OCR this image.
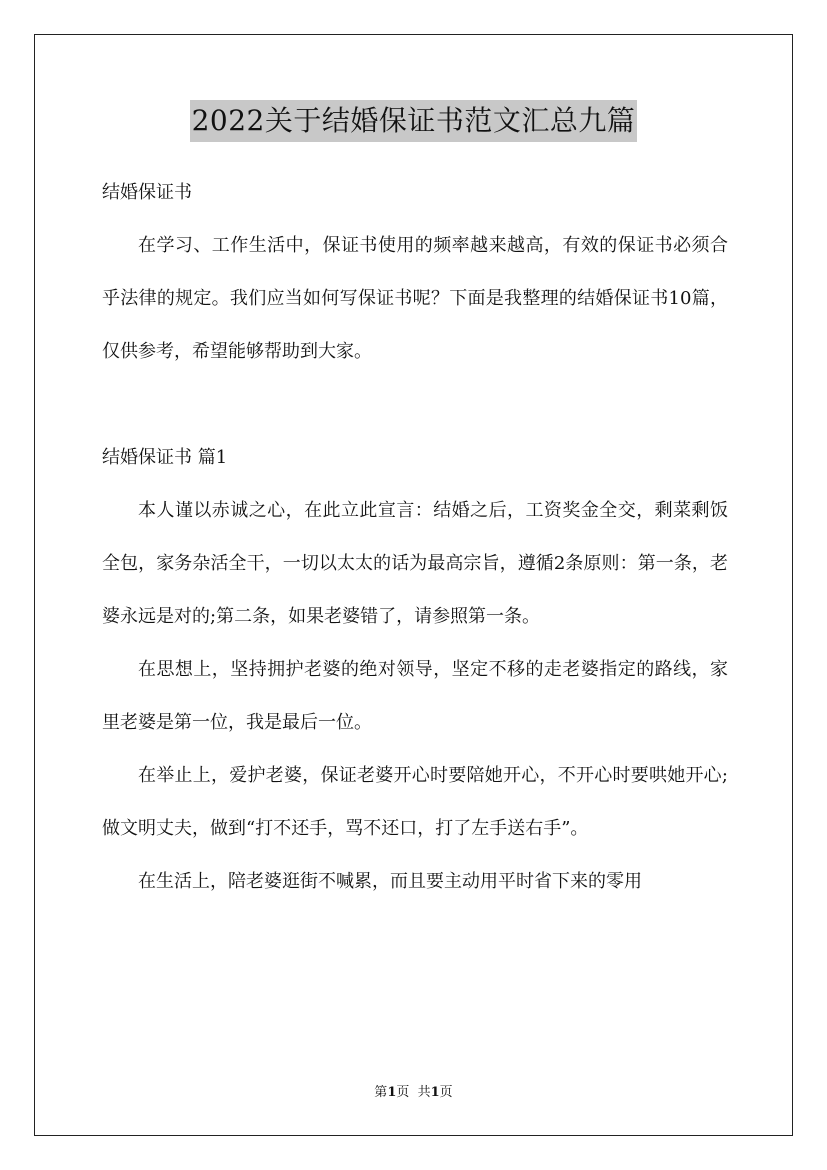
2022关于结婚保证书范文汇总九篇

结婚保证书

在学习、工作生活中，保证书使用的频率越来越高，有效的保证书必须合乎法律的规定。我们应当如何写保证书呢？下面是我整理的结婚保证书10篇，仅供参考，希望能够帮助到大家。

结婚保证书 篇1

本人谨以赤诚之心，在此立此宣言：结婚之后，工资奖金全交，剩菜剩饭全包，家务杂活全干，一切以太太的话为最高宗旨，遵循2条原则：第一条，老婆永远是对的;第二条，如果老婆错了，请参照第一条。

在思想上，坚持拥护老婆的绝对领导，坚定不移的走老婆指定的路线，家里老婆是第一位，我是最后一位。

在举止上，爱护老婆，保证老婆开心时要陪她开心，不开心时要哄她开心;做文明丈夫，做到“打不还手，骂不还口，打了左手送右手”。

在生活上，陪老婆逛街不喊累，而且要主动用平时省下来的零用

第1页  共1页
